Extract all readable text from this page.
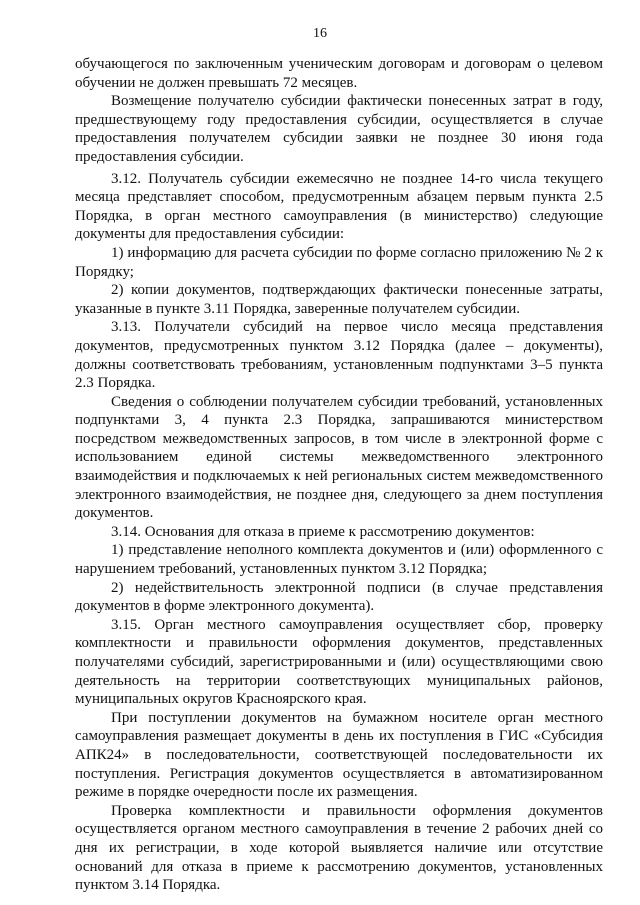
16

обучающегося по заключенным ученическим договорам и договорам о целевом обучении не должен превышать 72 месяцев.

Возмещение получателю субсидии фактически понесенных затрат в году, предшествующему году предоставления субсидии, осуществляется в случае предоставления получателем субсидии заявки не позднее 30 июня года предоставления субсидии.

3.12. Получатель субсидии ежемесячно не позднее 14-го числа текущего месяца представляет способом, предусмотренным абзацем первым пункта 2.5 Порядка, в орган местного самоуправления (в министерство) следующие документы для предоставления субсидии:

1) информацию для расчета субсидии по форме согласно приложению № 2 к Порядку;

2) копии документов, подтверждающих фактически понесенные затраты, указанные в пункте 3.11 Порядка, заверенные получателем субсидии.

3.13. Получатели субсидий на первое число месяца представления документов, предусмотренных пунктом 3.12 Порядка (далее – документы), должны соответствовать требованиям, установленным подпунктами 3–5 пункта 2.3 Порядка.

Сведения о соблюдении получателем субсидии требований, установленных подпунктами 3, 4 пункта 2.3 Порядка, запрашиваются министерством посредством межведомственных запросов, в том числе в электронной форме с использованием единой системы межведомственного электронного взаимодействия и подключаемых к ней региональных систем межведомственного электронного взаимодействия, не позднее дня, следующего за днем поступления документов.

3.14. Основания для отказа в приеме к рассмотрению документов:

1) представление неполного комплекта документов и (или) оформленного с нарушением требований, установленных пунктом 3.12 Порядка;

2) недействительность электронной подписи (в случае представления документов в форме электронного документа).

3.15. Орган местного самоуправления осуществляет сбор, проверку комплектности и правильности оформления документов, представленных получателями субсидий, зарегистрированными и (или) осуществляющими свою деятельность на территории соответствующих муниципальных районов, муниципальных округов Красноярского края.

При поступлении документов на бумажном носителе орган местного самоуправления размещает документы в день их поступления в ГИС «Субсидия АПК24» в последовательности, соответствующей последовательности их поступления. Регистрация документов осуществляется в автоматизированном режиме в порядке очередности после их размещения.

Проверка комплектности и правильности оформления документов осуществляется органом местного самоуправления в течение 2 рабочих дней со дня их регистрации, в ходе которой выявляется наличие или отсутствие оснований для отказа в приеме к рассмотрению документов, установленных пунктом 3.14 Порядка.
